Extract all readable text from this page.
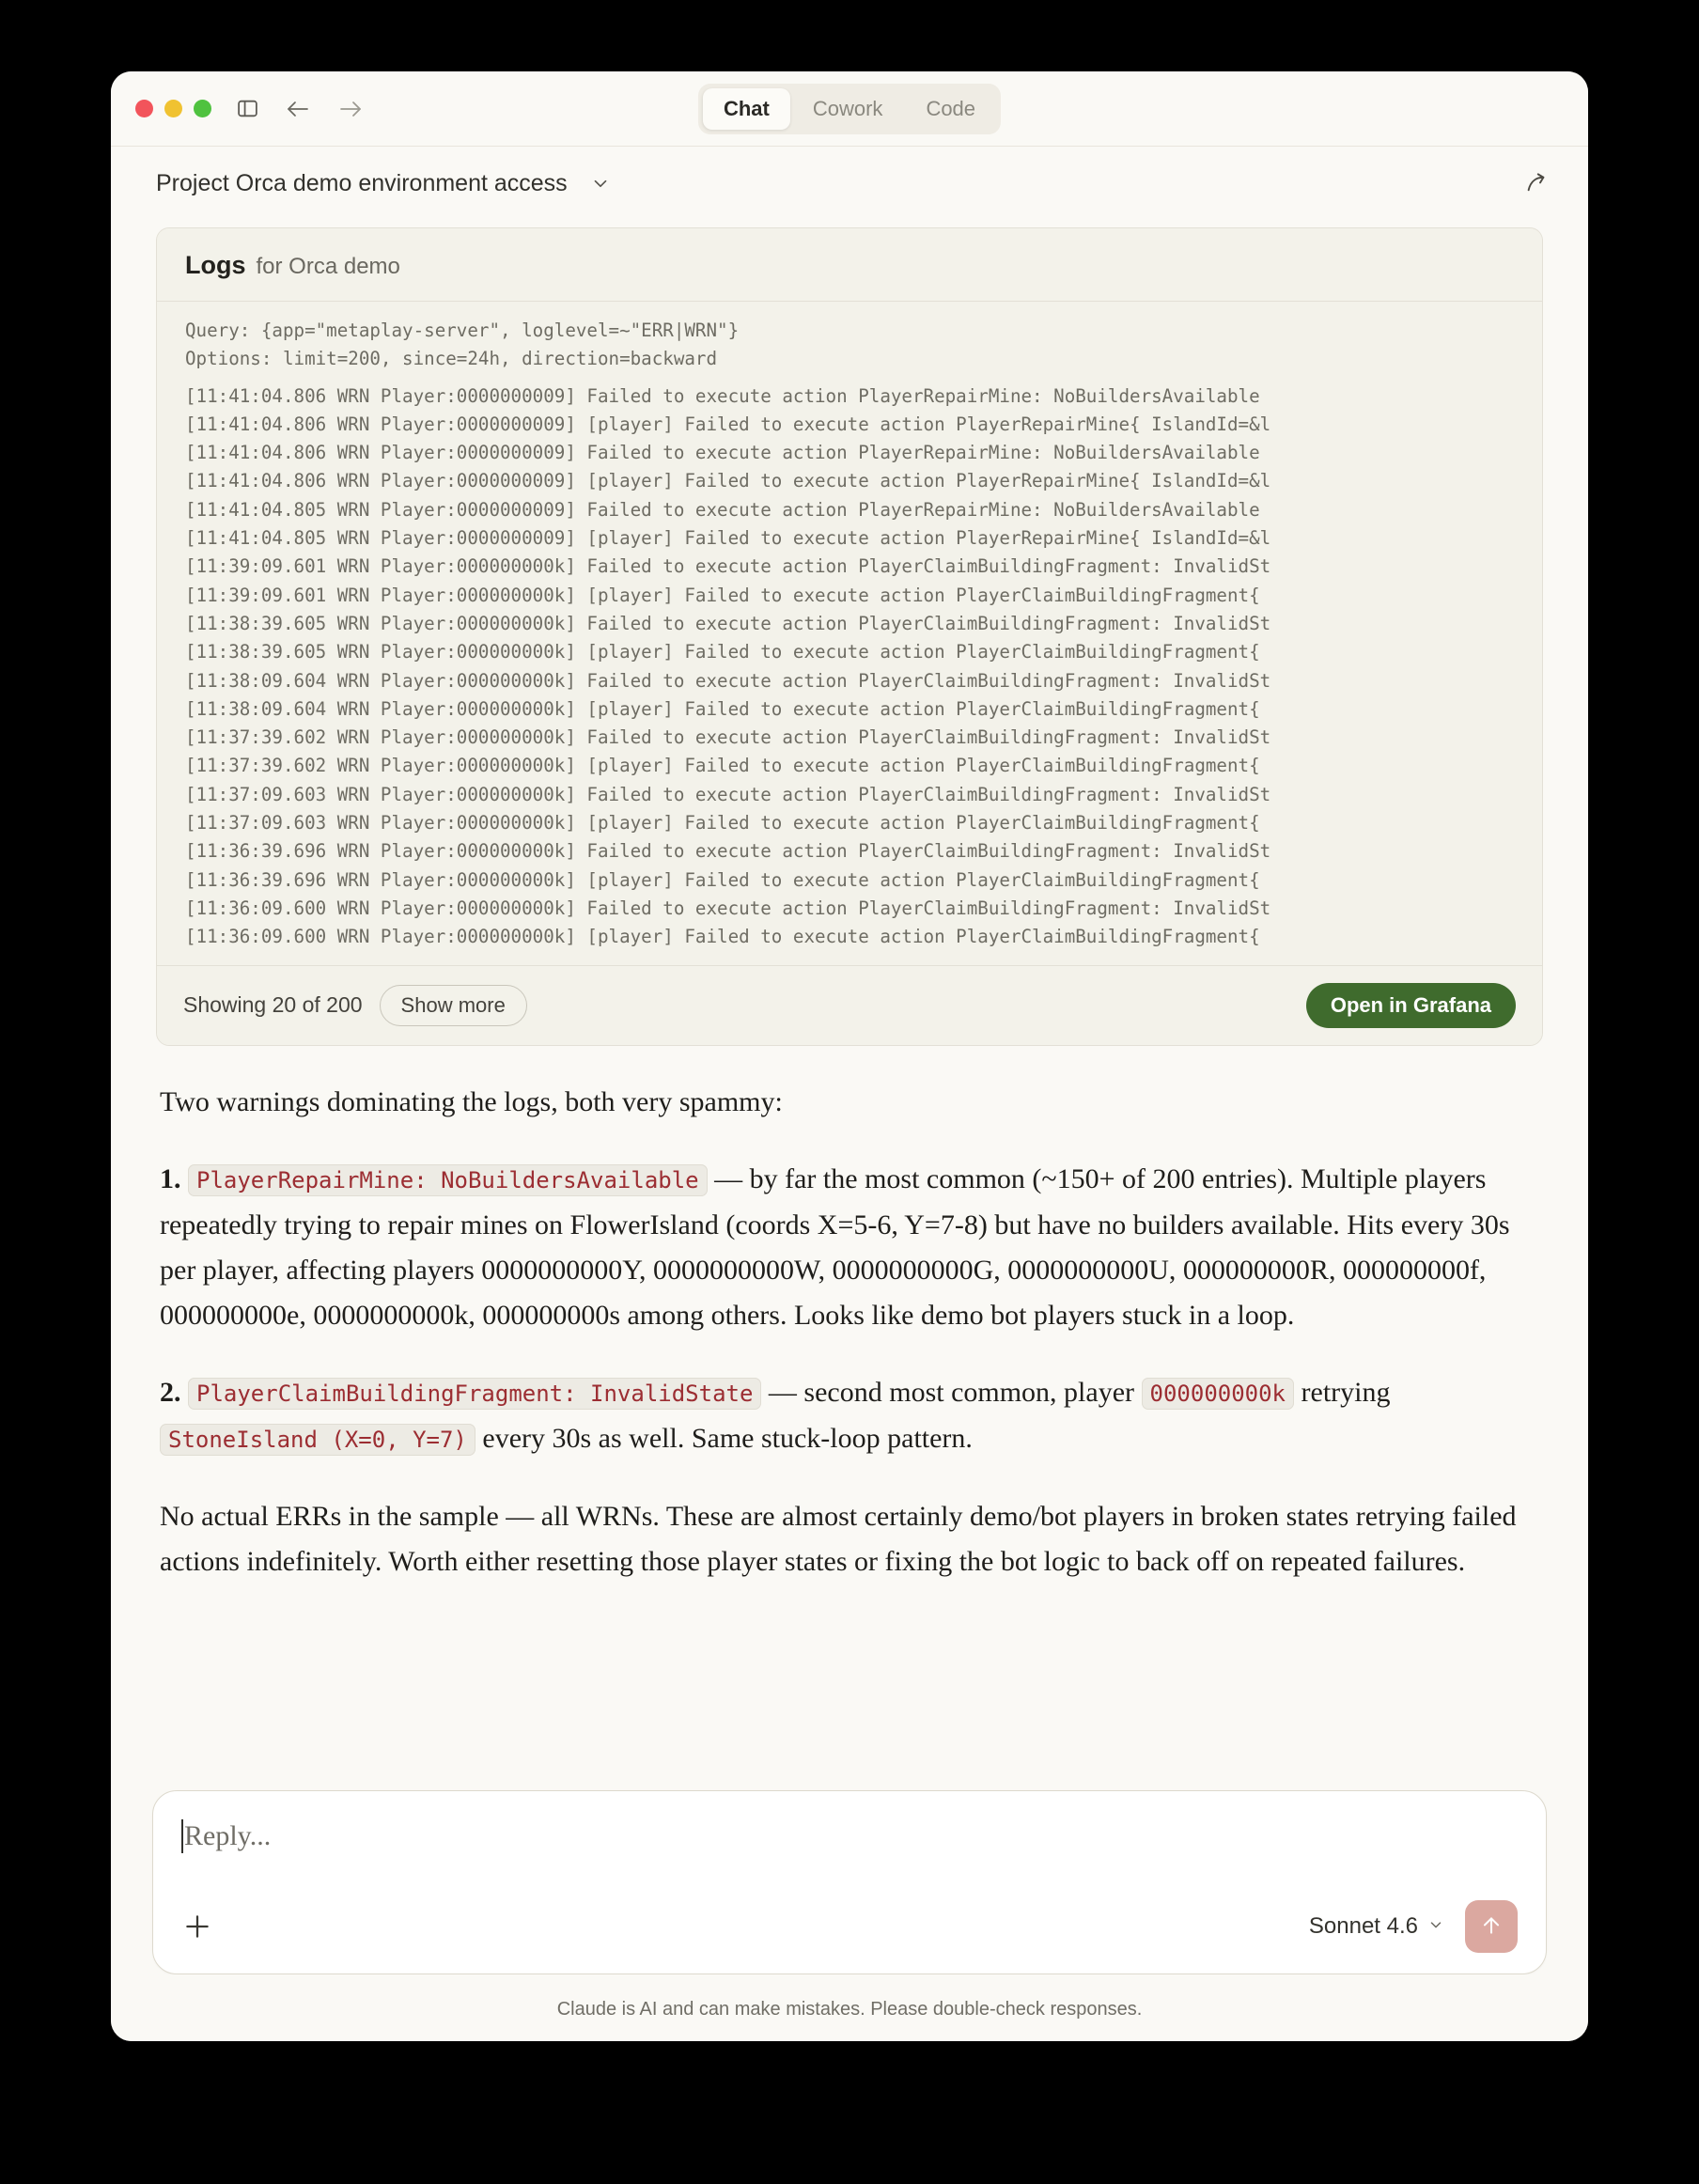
Chat	Cowork	Code
Project Orca demo environment access
Logs for Orca demo
Query: {app="metaplay-server", loglevel=~"ERR|WRN"}
Options: limit=200, since=24h, direction=backward
[11:41:04.806 WRN Player:0000000009] Failed to execute action PlayerRepairMine: NoBuildersAvailable
[11:41:04.806 WRN Player:0000000009] [player] Failed to execute action PlayerRepairMine{ IslandId=&l
[11:41:04.806 WRN Player:0000000009] Failed to execute action PlayerRepairMine: NoBuildersAvailable
[11:41:04.806 WRN Player:0000000009] [player] Failed to execute action PlayerRepairMine{ IslandId=&l
[11:41:04.805 WRN Player:0000000009] Failed to execute action PlayerRepairMine: NoBuildersAvailable
[11:41:04.805 WRN Player:0000000009] [player] Failed to execute action PlayerRepairMine{ IslandId=&l
[11:39:09.601 WRN Player:000000000k] Failed to execute action PlayerClaimBuildingFragment: InvalidSt
[11:39:09.601 WRN Player:000000000k] [player] Failed to execute action PlayerClaimBuildingFragment{
[11:38:39.605 WRN Player:000000000k] Failed to execute action PlayerClaimBuildingFragment: InvalidSt
[11:38:39.605 WRN Player:000000000k] [player] Failed to execute action PlayerClaimBuildingFragment{
[11:38:09.604 WRN Player:000000000k] Failed to execute action PlayerClaimBuildingFragment: InvalidSt
[11:38:09.604 WRN Player:000000000k] [player] Failed to execute action PlayerClaimBuildingFragment{
[11:37:39.602 WRN Player:000000000k] Failed to execute action PlayerClaimBuildingFragment: InvalidSt
[11:37:39.602 WRN Player:000000000k] [player] Failed to execute action PlayerClaimBuildingFragment{
[11:37:09.603 WRN Player:000000000k] Failed to execute action PlayerClaimBuildingFragment: InvalidSt
[11:37:09.603 WRN Player:000000000k] [player] Failed to execute action PlayerClaimBuildingFragment{
[11:36:39.696 WRN Player:000000000k] Failed to execute action PlayerClaimBuildingFragment: InvalidSt
[11:36:39.696 WRN Player:000000000k] [player] Failed to execute action PlayerClaimBuildingFragment{
[11:36:09.600 WRN Player:000000000k] Failed to execute action PlayerClaimBuildingFragment: InvalidSt
[11:36:09.600 WRN Player:000000000k] [player] Failed to execute action PlayerClaimBuildingFragment{
Showing 20 of 200	Show more	Open in Grafana

Two warnings dominating the logs, both very spammy:

1. PlayerRepairMine: NoBuildersAvailable — by far the most common (~150+ of 200 entries). Multiple players repeatedly trying to repair mines on FlowerIsland (coords X=5-6, Y=7-8) but have no builders available. Hits every 30s per player, affecting players 0000000000Y, 0000000000W, 0000000000G, 0000000000U, 000000000R, 000000000f, 000000000e, 0000000000k, 000000000s among others. Looks like demo bot players stuck in a loop.

2. PlayerClaimBuildingFragment: InvalidState — second most common, player 000000000k retrying StoneIsland (X=0, Y=7) every 30s as well. Same stuck-loop pattern.

No actual ERRs in the sample — all WRNs. These are almost certainly demo/bot players in broken states retrying failed actions indefinitely. Worth either resetting those player states or fixing the bot logic to back off on repeated failures.

Reply...
Sonnet 4.6
Claude is AI and can make mistakes. Please double-check responses.
